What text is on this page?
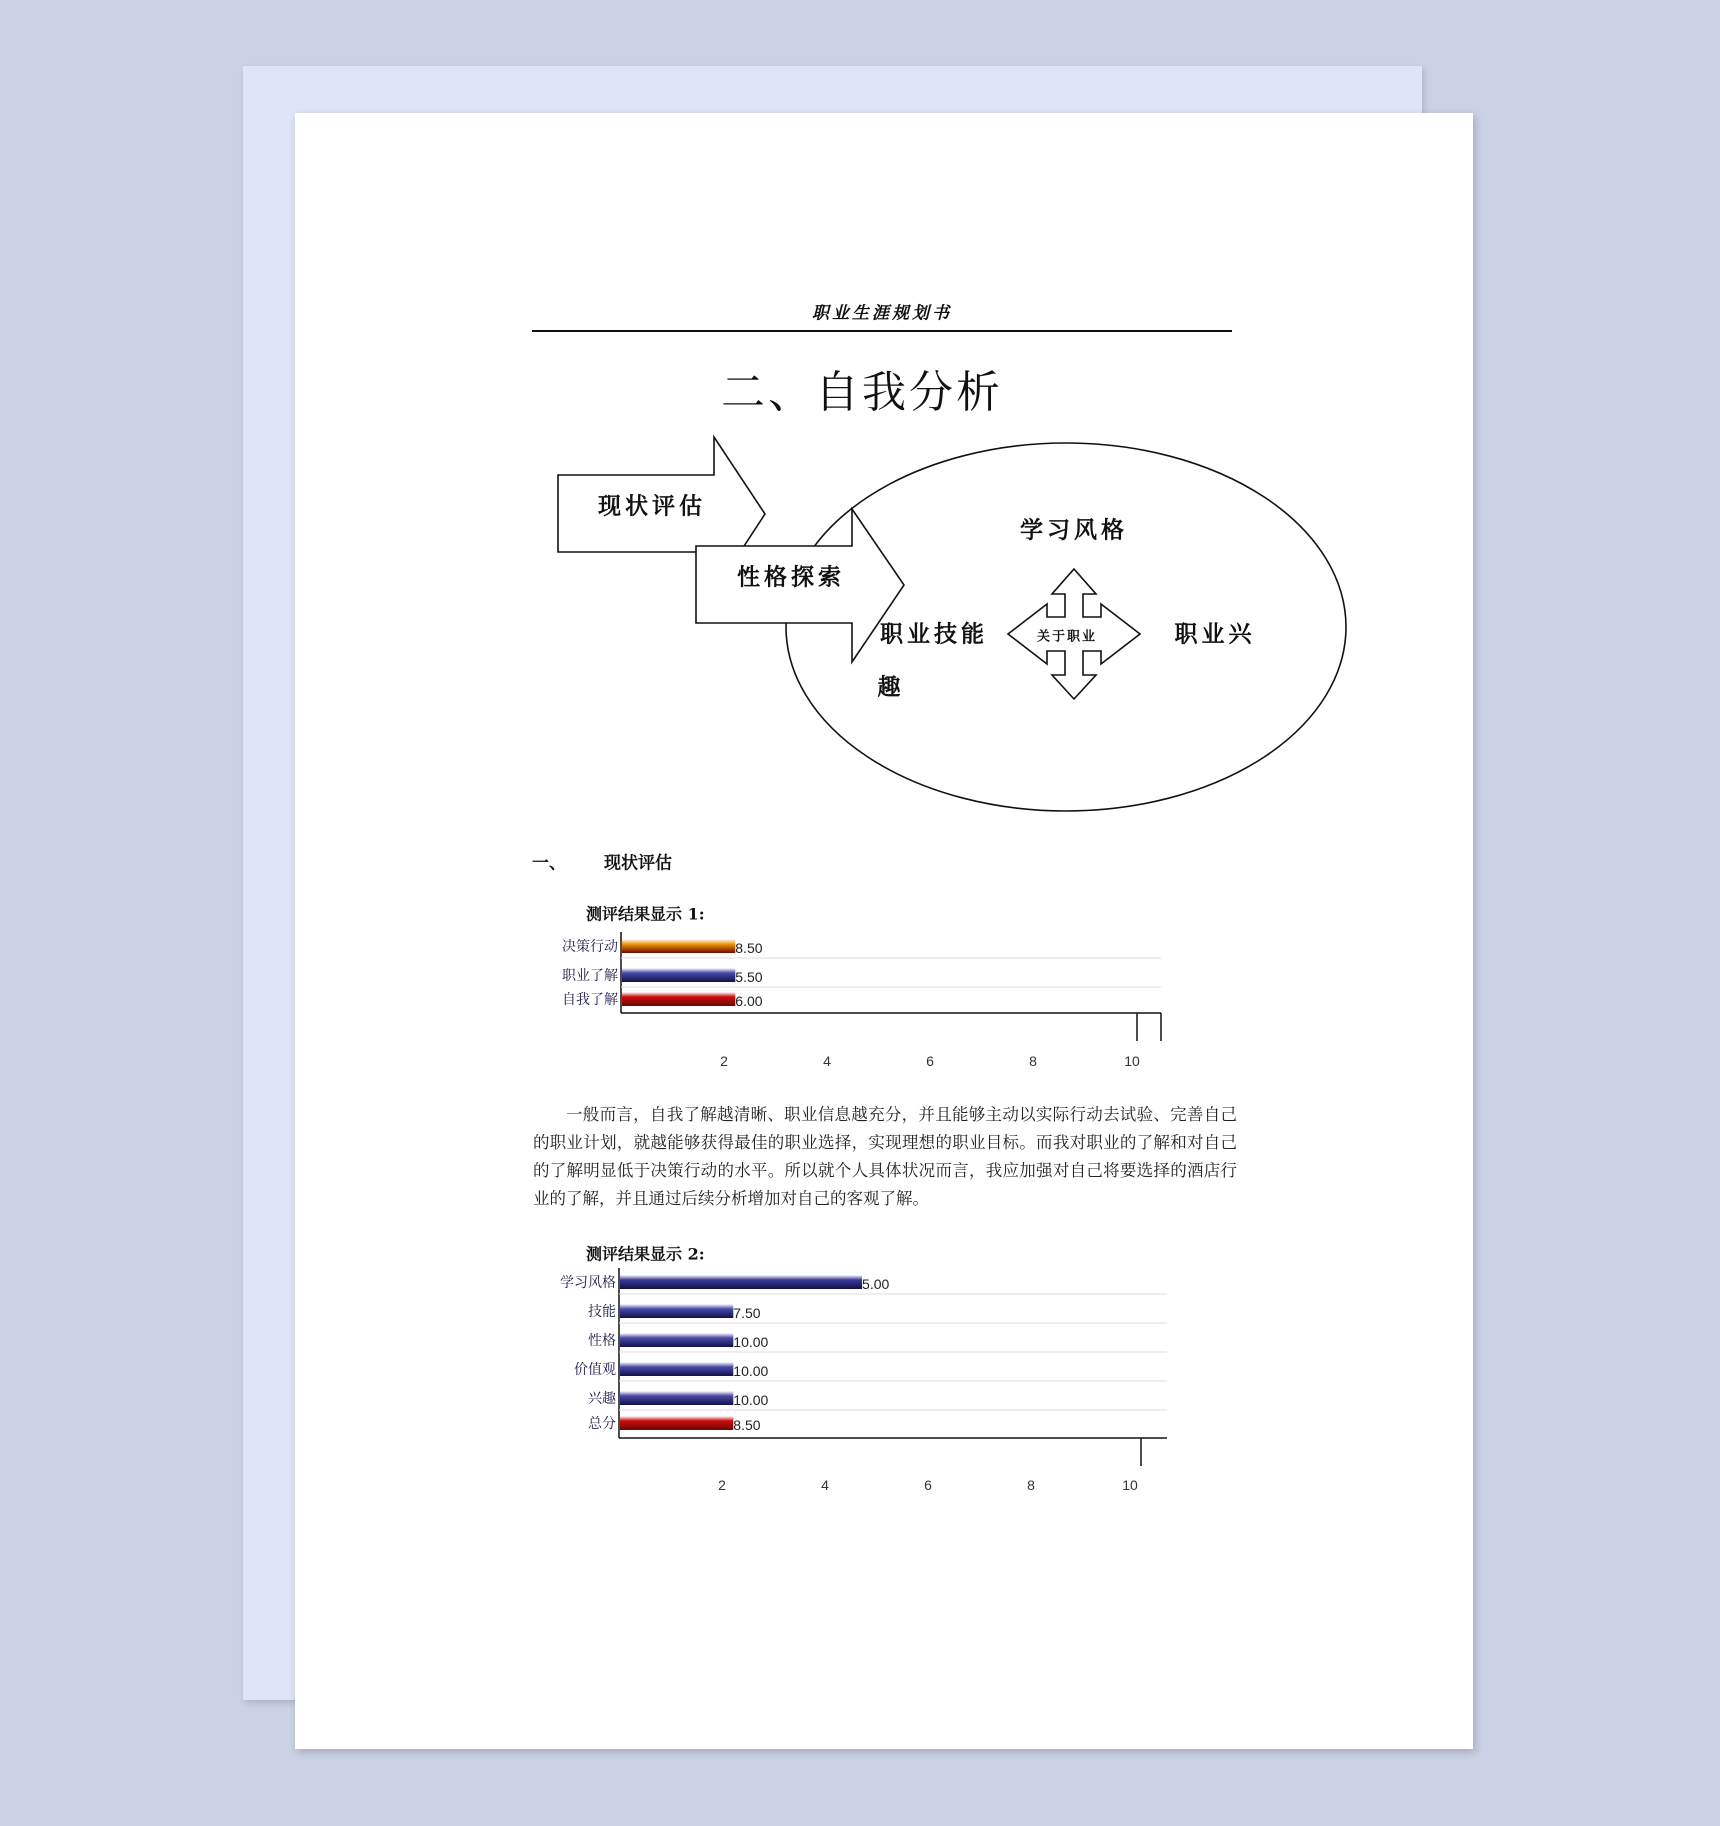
职业生涯规划书
二、自我分析
决策行动	8.50
职业了解	5.50
自我了解	6.00
2	4	6	8	10
学习风格	5.00
技能	7.50
性格	10.00
价值观	10.00
兴趣	10.00
总分	8.50
2	4	6	8	10
现状评估
性格探索
学习风格
职业技能
趣
职业兴
关于职业
一、 现状评估
测评结果显示 1:
一般而言，自我了解越清晰、职业信息越充分，并且能够主动以实际行动去试验、完善自己的职业计划，就越能够获得最佳的职业选择，实现理想的职业目标。而我对职业的了解和对自己的了解明显低于决策行动的水平。所以就个人具体状况而言，我应加强对自己将要选择的酒店行业的了解，并且通过后续分析增加对自己的客观了解。
测评结果显示 2:
